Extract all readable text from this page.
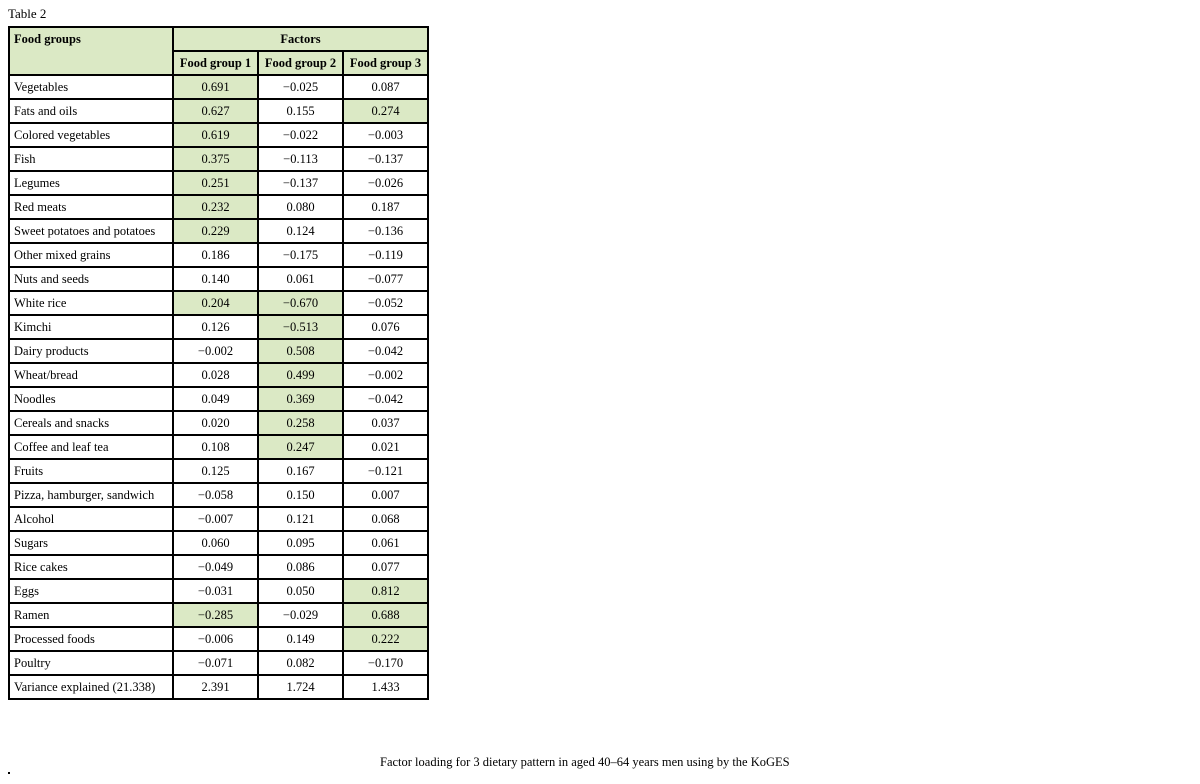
Table 2
Food groups	Factors		
	Food group 1	Food group 2	Food group 3
Vegetables	0.691	−0.025	0.087
Fats and oils	0.627	0.155	0.274
Colored vegetables	0.619	−0.022	−0.003
Fish	0.375	−0.113	−0.137
Legumes	0.251	−0.137	−0.026
Red meats	0.232	0.080	0.187
Sweet potatoes and potatoes	0.229	0.124	−0.136
Other mixed grains	0.186	−0.175	−0.119
Nuts and seeds	0.140	0.061	−0.077
White rice	0.204	−0.670	−0.052
Kimchi	0.126	−0.513	0.076
Dairy products	−0.002	0.508	−0.042
Wheat/bread	0.028	0.499	−0.002
Noodles	0.049	0.369	−0.042
Cereals and snacks	0.020	0.258	0.037
Coffee and leaf tea	0.108	0.247	0.021
Fruits	0.125	0.167	−0.121
Pizza, hamburger, sandwich	−0.058	0.150	0.007
Alcohol	−0.007	0.121	0.068
Sugars	0.060	0.095	0.061
Rice cakes	−0.049	0.086	0.077
Eggs	−0.031	0.050	0.812
Ramen	−0.285	−0.029	0.688
Processed foods	−0.006	0.149	0.222
Poultry	−0.071	0.082	−0.170
Variance explained (21.338)	2.391	1.724	1.433
Factor loading for 3 dietary pattern in aged 40–64 years men using by the KoGES
